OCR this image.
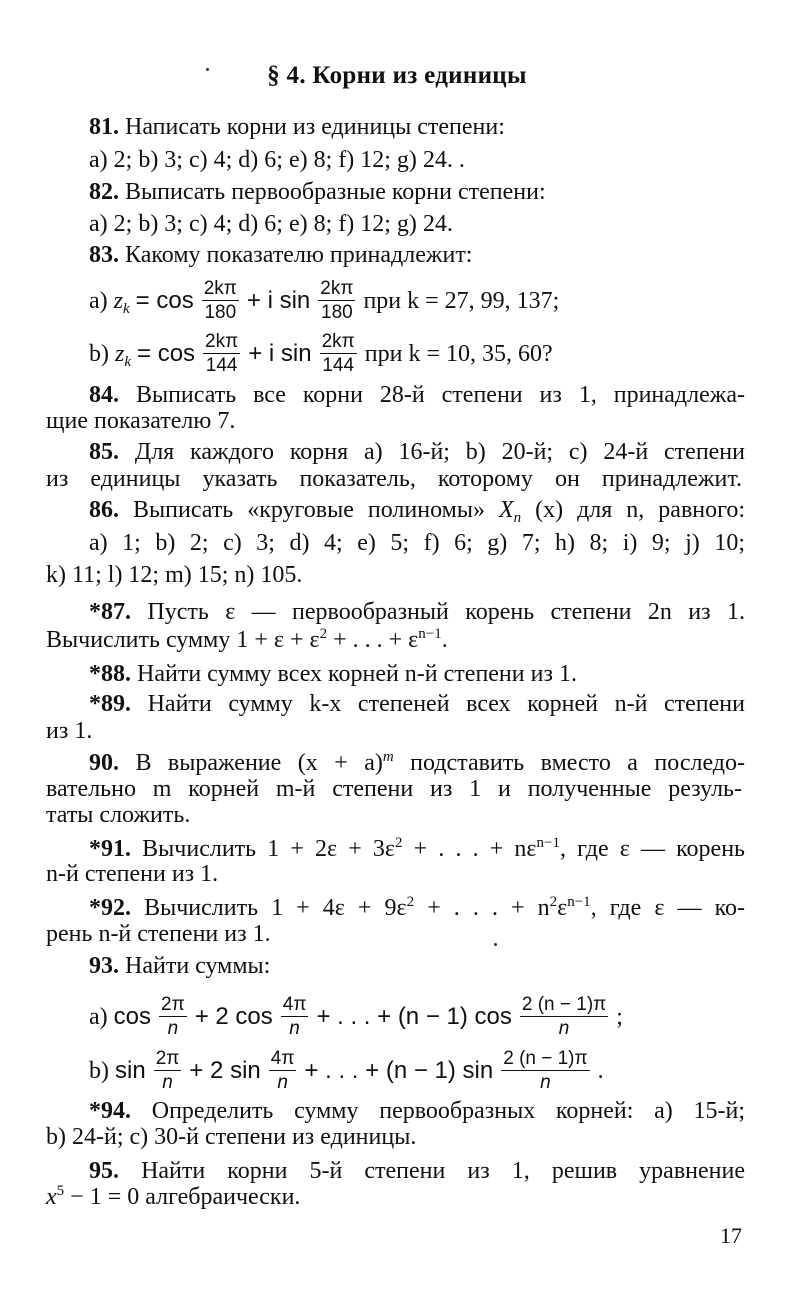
§ 4. Корни из единицы
81. Написать корни из единицы степени:
a) 2; b) 3; c) 4; d) 6; e) 8; f) 12; g) 24. .
82. Выписать первообразные корни степени:
a) 2; b) 3; c) 4; d) 6; e) 8; f) 12; g) 24.
83. Какому показателю принадлежит:
a) $z_k = \cos \frac{2k\pi}{180} + i$ $\sin \frac{2k\pi}{180}$ при k = 27, 99, 137;
b) $z_k = \cos \frac{2k\pi}{144} + i$ $\sin \frac{2k\pi}{144}$ при k = 10, 35, 60?
84. Выписать все корни 28-й степени из 1, принадлежа-
щие показателю 7.
85. Для каждого корня a) 16-й; b) 20-й; c) 24-й степени
из единицы указать показатель, которому он принадлежит.
86. Выписать «круговые полиномы» $X_n$ (x) для n, равного:
a) 1; b) 2; c) 3; d) 4; e) 5; f) 6; g) 7; h) 8; i) 9; j) 10;
k) 11; l) 12; m) 15; n) 105.
*87. Пусть ε — первообразный корень степени 2n из 1.
Вычислить сумму $1 + \varepsilon + \varepsilon^2$ + . . . + $\varepsilon^{n-1}$.
*88. Найти сумму всех корней n-й степени из 1.
*89. Найти сумму k-х степеней всех корней n-й степени
из 1.
90. В выражение $(x + a)^m$ подставить вместо a последо-
вательно m корней m-й степени из 1 и полученные резуль-
таты сложить.
*91. Вычислить $1 + 2\varepsilon + 3\varepsilon^2$ + . . . + $n\varepsilon^{n-1}$, где ε — корень
n-й степени из 1.
*92. Вычислить $1 + 4\varepsilon + 9\varepsilon^2$ + . . . + $n^2\varepsilon^{n-1}$, где ε — ко-
рень n-й степени из 1.
93. Найти суммы:
a) $\cos \frac{2\pi}{n} + 2$ $\cos \frac{4\pi}{n}$ + . . . + (n − 1) $\cos \frac{2 (n - 1)\pi}{n}$ ;
b) $\sin \frac{2\pi}{n} + 2$ $\sin \frac{4\pi}{n}$ + . . . + (n − 1) $\sin \frac{2 (n - 1)\pi}{n}$ .
*94. Определить сумму первообразных корней: a) 15-й;
b) 24-й; c) 30-й степени из единицы.
95. Найти корни 5-й степени из 1, решив уравнение
$x^5 - 1 = 0$ алгебраически.
17
